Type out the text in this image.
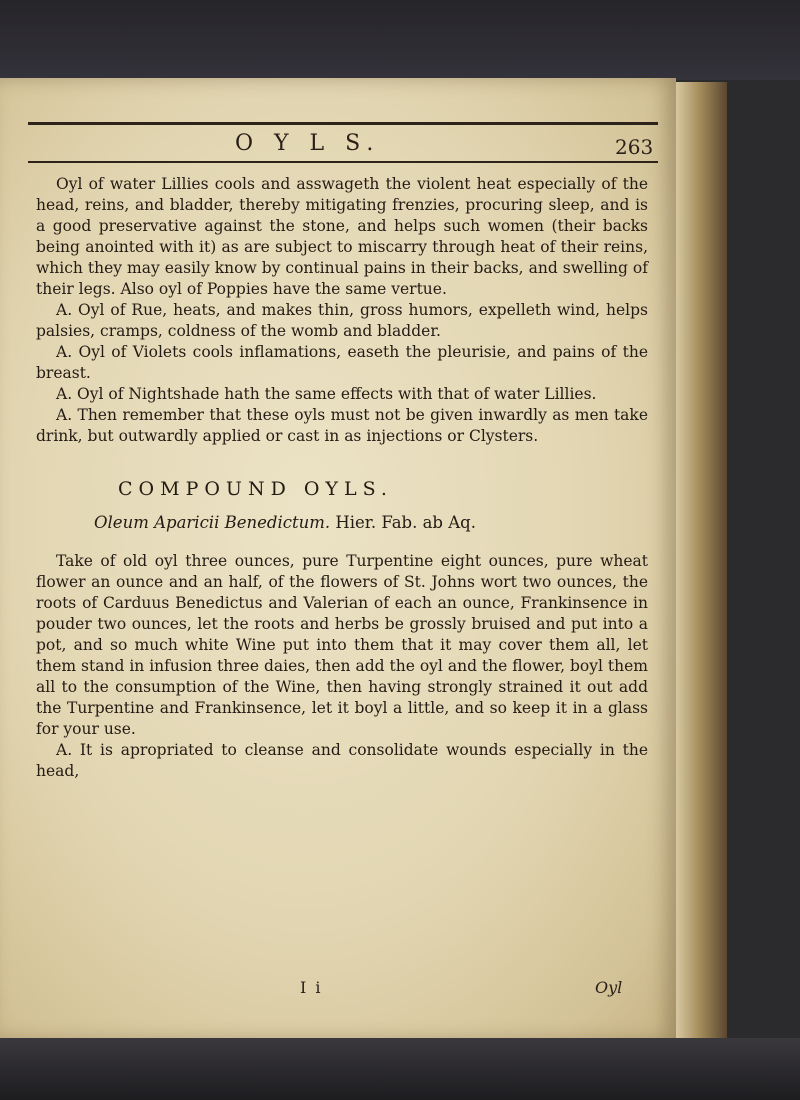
O Y L S.	263

Oyl of water Lillies cools and asswageth the violent heat especially of the head, reins, and bladder, thereby mitigating frenzies, procuring sleep, and is a good preservative against the stone, and helps such women (their backs being anointed with it) as are subject to miscarry through heat of their reins, which they may easily know by continual pains in their backs, and swelling of their legs. Also oyl of Poppies have the same vertue.

A. Oyl of Rue, heats, and makes thin, gross humors, expelleth wind, helps palsies, cramps, coldness of the womb and bladder.

A. Oyl of Violets cools inflamations, easeth the pleurisie, and pains of the breast.

A. Oyl of Nightshade hath the same effects with that of water Lillies.

A. Then remember that these oyls must not be given inwardly as men take drink, but outwardly applied or cast in as injections or Clysters.

COMPOUND OYLS.
Oleum Aparicii Benedictum. Hier. Fab. ab Aq.

Take of old oyl three ounces, pure Turpentine eight ounces, pure wheat flower an ounce and an half, of the flowers of St. Johns wort two ounces, the roots of Carduus Benedictus and Valerian of each an ounce, Frankinsence in pouder two ounces, let the roots and herbs be grossly bruised and put into a pot, and so much white Wine put into them that it may cover them all, let them stand in infusion three daies, then add the oyl and the flower, boyl them all to the consumption of the Wine, then having strongly strained it out add the Turpentine and Frankinsence, let it boyl a little, and so keep it in a glass for your use.

A. It is apropriated to cleanse and consolidate wounds especially in the head,

I i	Oyl
